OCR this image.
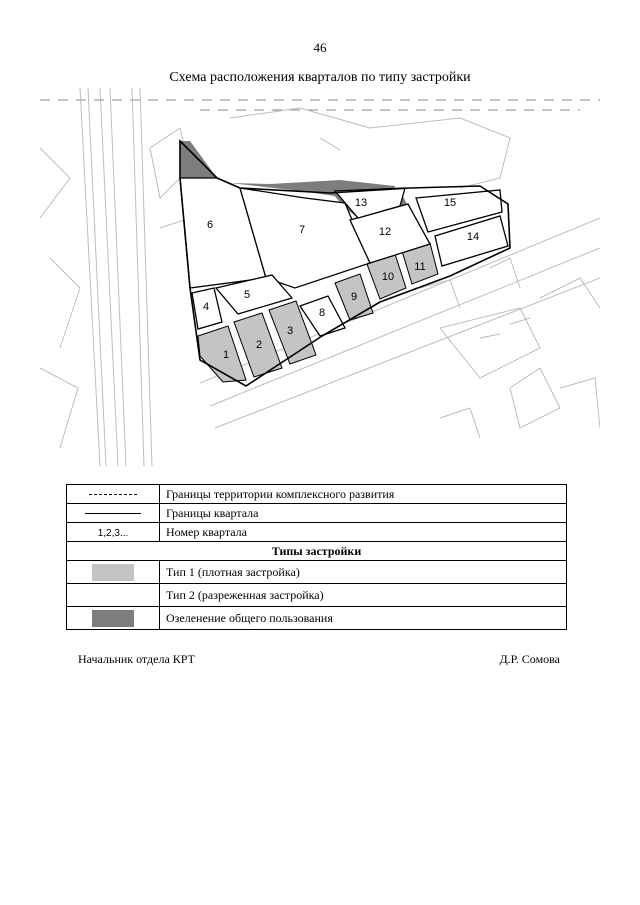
46
Схема расположения кварталов по типу застройки
1
2
3
4
5
6	7
8
9
10
11
12
13
14
15
	Границы территории комплексного развития
	Границы квартала
1,2,3...	Номер квартала
Типы застройки	
	Тип 1 (плотная застройка)
	Тип 2 (разреженная застройка)
	Озеленение общего пользования
Начальник отдела КРТ	Д.Р. Сомова
